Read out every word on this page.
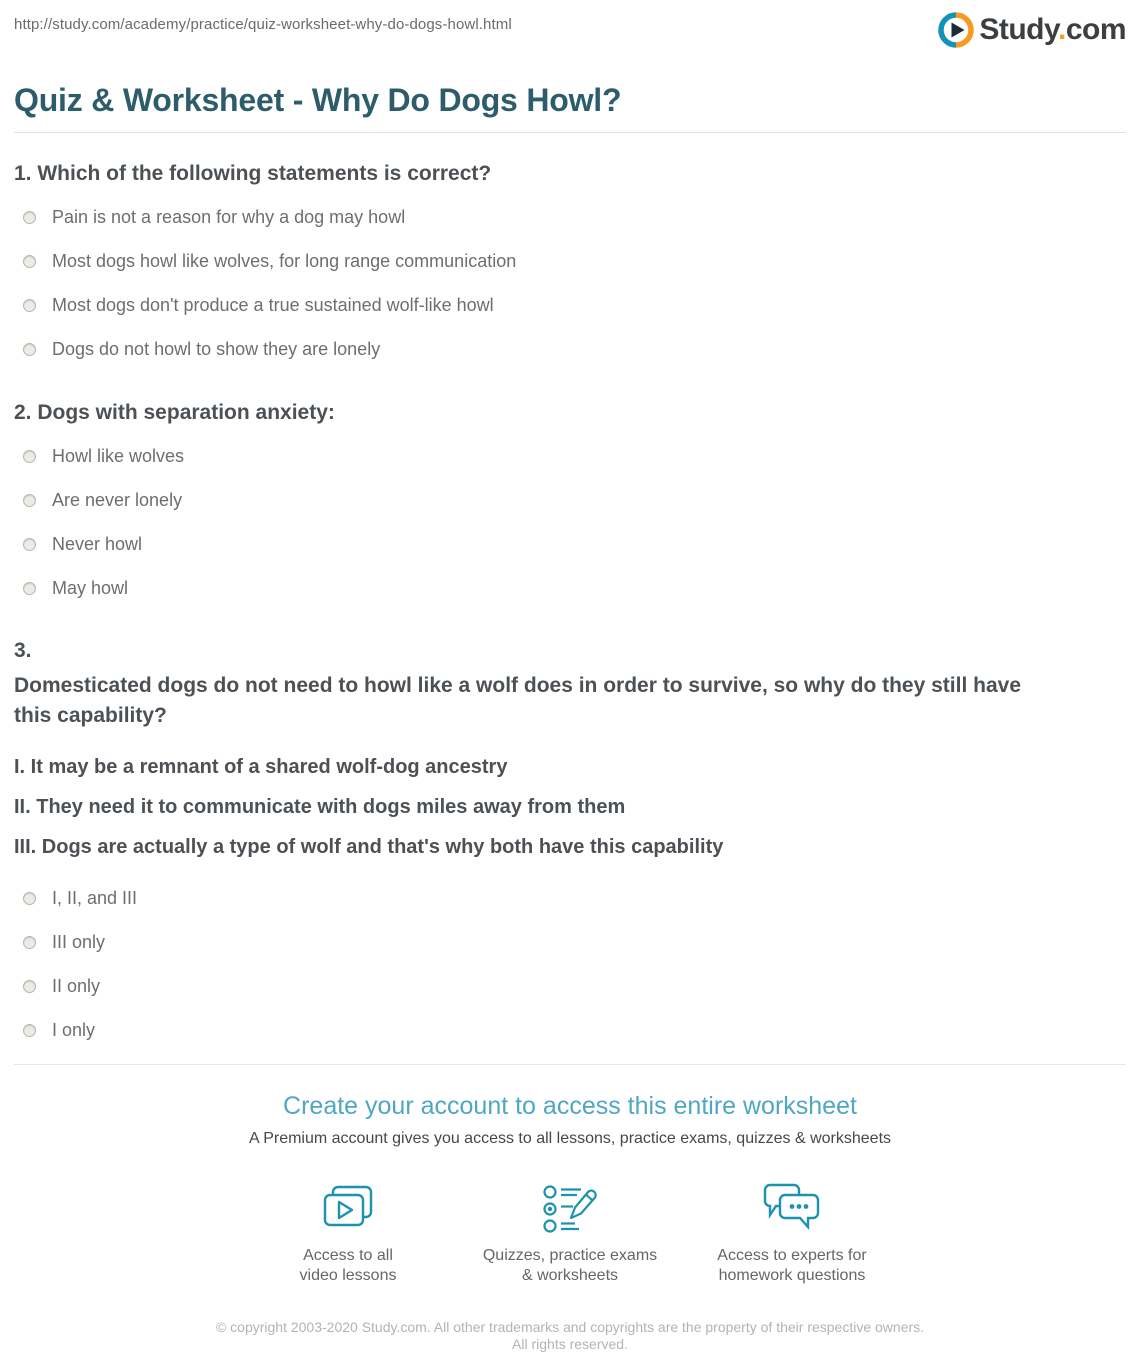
http://study.com/academy/practice/quiz-worksheet-why-do-dogs-howl.html	Study.com
Quiz & Worksheet - Why Do Dogs Howl?
1. Which of the following statements is correct?
Pain is not a reason for why a dog may howl
Most dogs howl like wolves, for long range communication
Most dogs don't produce a true sustained wolf-like howl
Dogs do not howl to show they are lonely
2. Dogs with separation anxiety:
Howl like wolves
Are never lonely
Never howl
May howl
3.
Domesticated dogs do not need to howl like a wolf does in order to survive, so why do they still have this capability?
I. It may be a remnant of a shared wolf-dog ancestry
II. They need it to communicate with dogs miles away from them
III. Dogs are actually a type of wolf and that's why both have this capability
I, II, and III
III only
II only
I only
Create your account to access this entire worksheet
A Premium account gives you access to all lessons, practice exams, quizzes & worksheets
Access to all
video lessons
Quizzes, practice exams
& worksheets
Access to experts for
homework questions
© copyright 2003-2020 Study.com. All other trademarks and copyrights are the property of their respective owners. All rights reserved.
